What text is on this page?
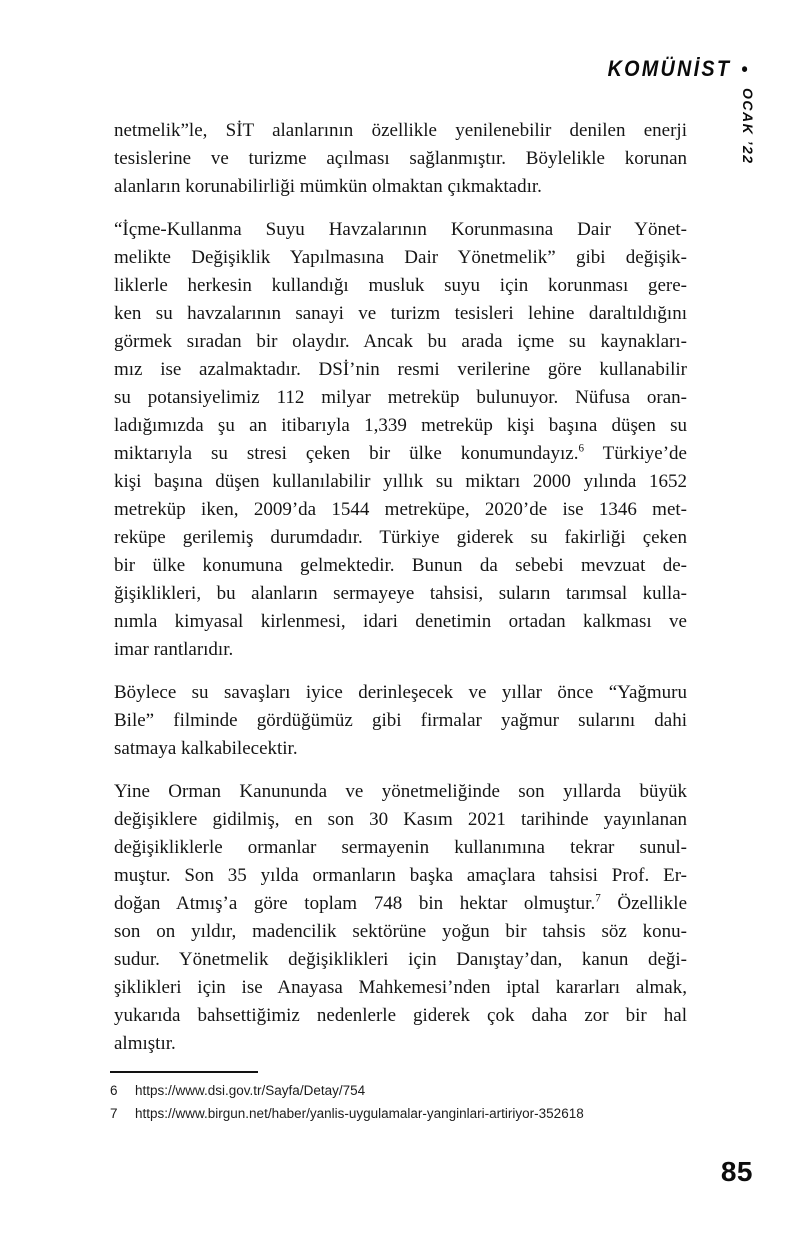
KOMÜNİST •
OCAK ’22
netmelik”le, SİT alanlarının özellikle yenilenebilir denilen enerji
tesislerine ve turizme açılması sağlanmıştır. Böylelikle korunan
alanların korunabilirliği mümkün olmaktan çıkmaktadır.
“İçme-Kullanma Suyu Havzalarının Korunmasına Dair Yönet-
melikte Değişiklik Yapılmasına Dair Yönetmelik” gibi değişik-
liklerle herkesin kullandığı musluk suyu için korunması gere-
ken su havzalarının sanayi ve turizm tesisleri lehine daraltıldığını
görmek sıradan bir olaydır. Ancak bu arada içme su kaynakları-
mız ise azalmaktadır. DSİ’nin resmi verilerine göre kullanabilir
su potansiyelimiz 112 milyar metreküp bulunuyor. Nüfusa oran-
ladığımızda şu an itibarıyla 1,339 metreküp kişi başına düşen su
miktarıyla su stresi çeken bir ülke konumundayız.$^6$ Türkiye’de
kişi başına düşen kullanılabilir yıllık su miktarı 2000 yılında 1652
metreküp iken, 2009’da 1544 metreküpe, 2020’de ise 1346 met-
reküpe gerilemiş durumdadır. Türkiye giderek su fakirliği çeken
bir ülke konumuna gelmektedir. Bunun da sebebi mevzuat de-
ğişiklikleri, bu alanların sermayeye tahsisi, suların tarımsal kulla-
nımla kimyasal kirlenmesi, idari denetimin ortadan kalkması ve
imar rantlarıdır.
Böylece su savaşları iyice derinleşecek ve yıllar önce “Yağmuru
Bile” filminde gördüğümüz gibi firmalar yağmur sularını dahi
satmaya kalkabilecektir.
Yine Orman Kanununda ve yönetmeliğinde son yıllarda büyük
değişiklere gidilmiş, en son 30 Kasım 2021 tarihinde yayınlanan
değişikliklerle ormanlar sermayenin kullanımına tekrar sunul-
muştur. Son 35 yılda ormanların başka amaçlara tahsisi Prof. Er-
doğan Atmış’a göre toplam 748 bin hektar olmuştur.$^7$ Özellikle
son on yıldır, madencilik sektörüne yoğun bir tahsis söz konu-
sudur. Yönetmelik değişiklikleri için Danıştay’dan, kanun deği-
şiklikleri için ise Anayasa Mahkemesi’nden iptal kararları almak,
yukarıda bahsettiğimiz nedenlerle giderek çok daha zor bir hal
almıştır.
6	https://www.dsi.gov.tr/Sayfa/Detay/754
7	https://www.birgun.net/haber/yanlis-uygulamalar-yanginlari-artiriyor-352618
85
